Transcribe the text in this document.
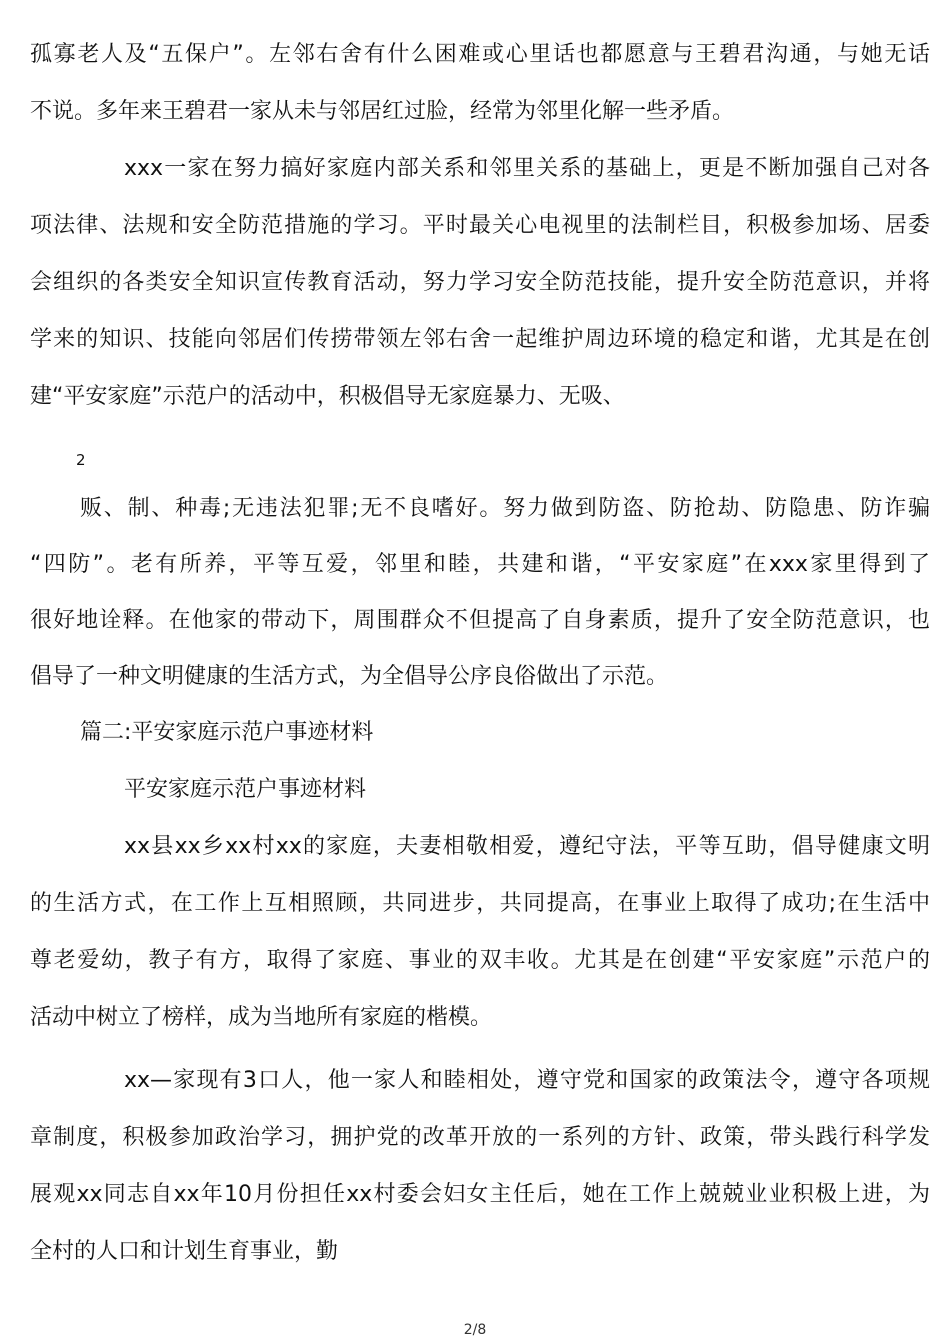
孤寡老人及“五保户”。左邻右舍有什么困难或心里话也都愿意与王碧君沟通，与她无话
不说。多年来王碧君一家从未与邻居红过脸，经常为邻里化解一些矛盾。
xxx一家在努力搞好家庭内部关系和邻里关系的基础上，更是不断加强自己对各
项法律、法规和安全防范措施的学习。平时最关心电视里的法制栏目，积极参加场、居委
会组织的各类安全知识宣传教育活动，努力学习安全防范技能，提升安全防范意识，并将
学来的知识、技能向邻居们传捞带领左邻右舍一起维护周边环境的稳定和谐，尤其是在创
建“平安家庭”示范户的活动中，积极倡导无家庭暴力、无吸、
2
贩、制、种毒;无违法犯罪;无不良嗜好。努力做到防盗、防抢劫、防隐患、防诈骗
“四防”。老有所养，平等互爱，邻里和睦，共建和谐，“平安家庭”在xxx家里得到了
很好地诠释。在他家的带动下，周围群众不但提高了自身素质，提升了安全防范意识，也
倡导了一种文明健康的生活方式，为全倡导公序良俗做出了示范。
篇二:平安家庭示范户事迹材料
平安家庭示范户事迹材料
xx县xx乡xx村xx的家庭，夫妻相敬相爱，遵纪守法，平等互助，倡导健康文明
的生活方式，在工作上互相照顾，共同进步，共同提高，在事业上取得了成功;在生活中
尊老爱幼，教子有方，取得了家庭、事业的双丰收。尤其是在创建“平安家庭”示范户的
活动中树立了榜样，成为当地所有家庭的楷模。
xx—家现有3口人，他一家人和睦相处，遵守党和国家的政策法令，遵守各项规
章制度，积极参加政治学习，拥护党的改革开放的一系列的方针、政策，带头践行科学发
展观xx同志自xx年10月份担任xx村委会妇女主任后，她在工作上兢兢业业积极上进，为
全村的人口和计划生育事业，勤
2/8
